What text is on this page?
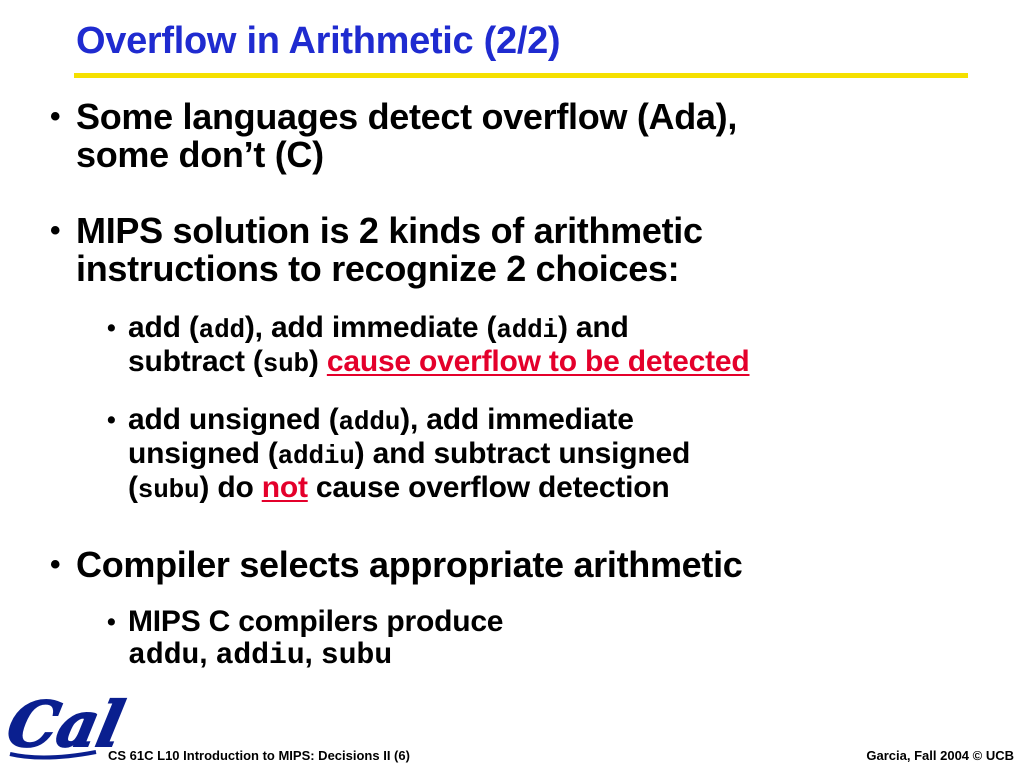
Overflow in Arithmetic (2/2)
• Some languages detect overflow (Ada),
some don’t (C)
• MIPS solution is 2 kinds of arithmetic
instructions to recognize 2 choices:
• add (add), add immediate (addi) and
subtract (sub) cause overflow to be detected
• add unsigned (addu), add immediate
unsigned (addiu) and subtract unsigned
(subu) do not cause overflow detection
• Compiler selects appropriate arithmetic
• MIPS C compilers produce
addu, addiu, subu
Cal
CS 61C L10 Introduction to MIPS: Decisions II (6)	Garcia, Fall 2004 © UCB
